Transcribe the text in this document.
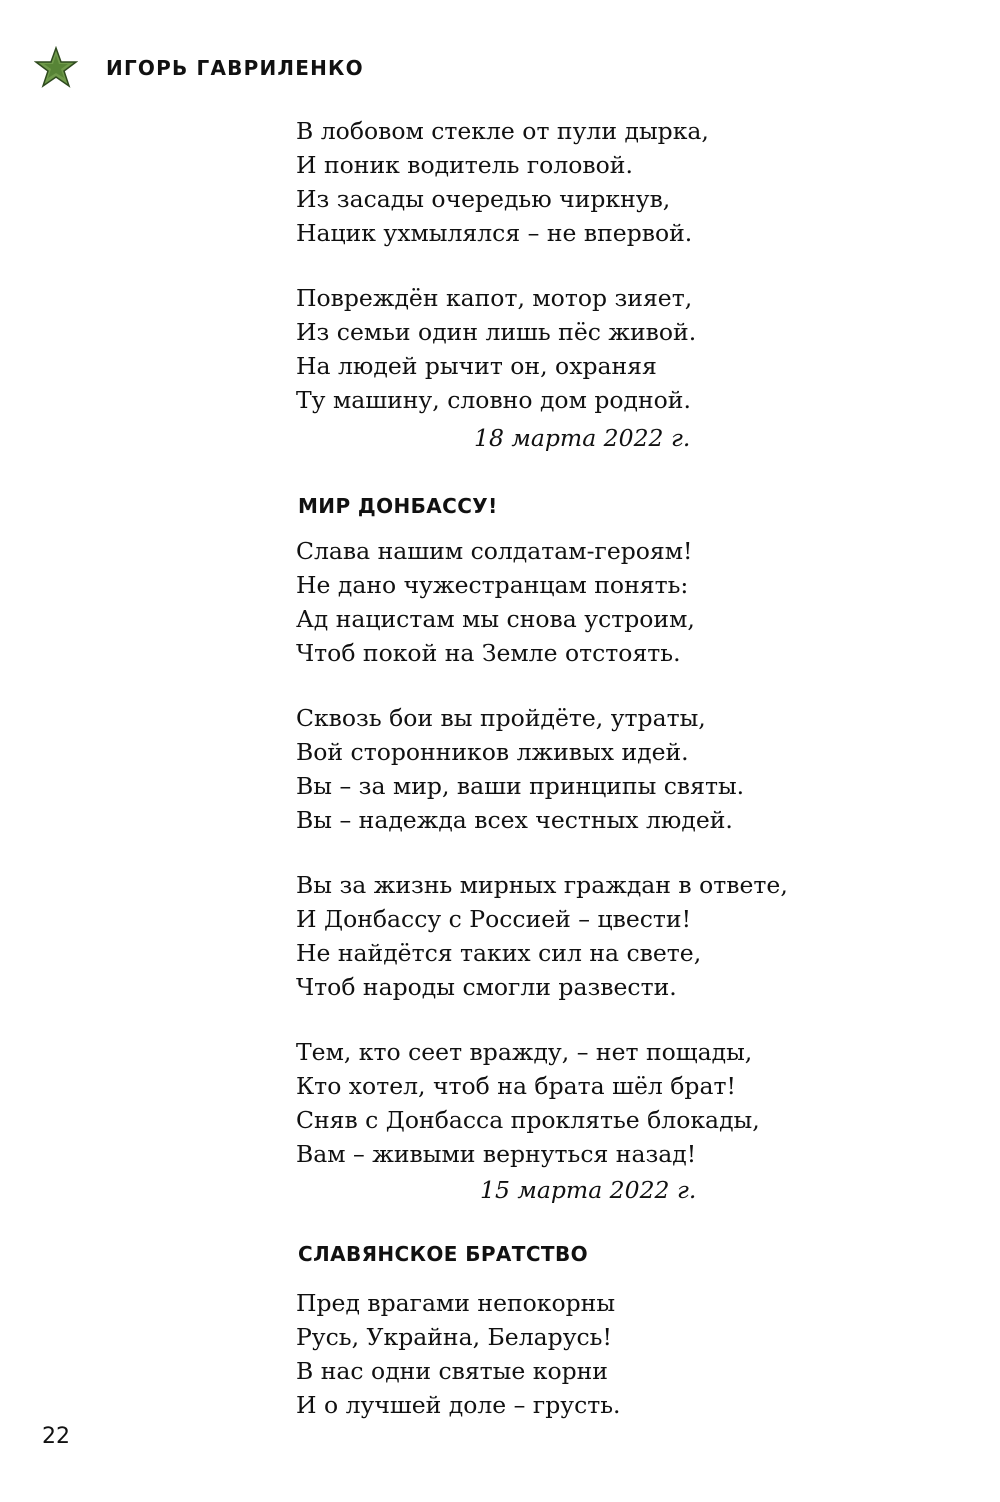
ИГОРЬ ГАВРИЛЕНКО
В лобовом стекле от пули дырка,
И поник водитель головой.
Из засады очередью чиркнув,
Нацик ухмылялся – не впервой.
Повреждён капот, мотор зияет,
Из семьи один лишь пёс живой.
На людей рычит он, охраняя
Ту машину, словно дом родной.
18 марта 2022 г.
МИР ДОНБАССУ!
Слава нашим солдатам-героям!
Не дано чужестранцам понять:
Ад нацистам мы снова устроим,
Чтоб покой на Земле отстоять.
Сквозь бои вы пройдёте, утраты,
Вой сторонников лживых идей.
Вы – за мир, ваши принципы святы.
Вы – надежда всех честных людей.
Вы за жизнь мирных граждан в ответе,
И Донбассу с Россией – цвести!
Не найдётся таких сил на свете,
Чтоб народы смогли развести.
Тем, кто сеет вражду, – нет пощады,
Кто хотел, чтоб на брата шёл брат!
Сняв с Донбасса проклятье блокады,
Вам – живыми вернуться назад!
15 марта 2022 г.
СЛАВЯНСКОЕ БРАТСТВО
Пред врагами непокорны
Русь, Украйна, Беларусь!
В нас одни святые корни
И о лучшей доле – грусть.
22
